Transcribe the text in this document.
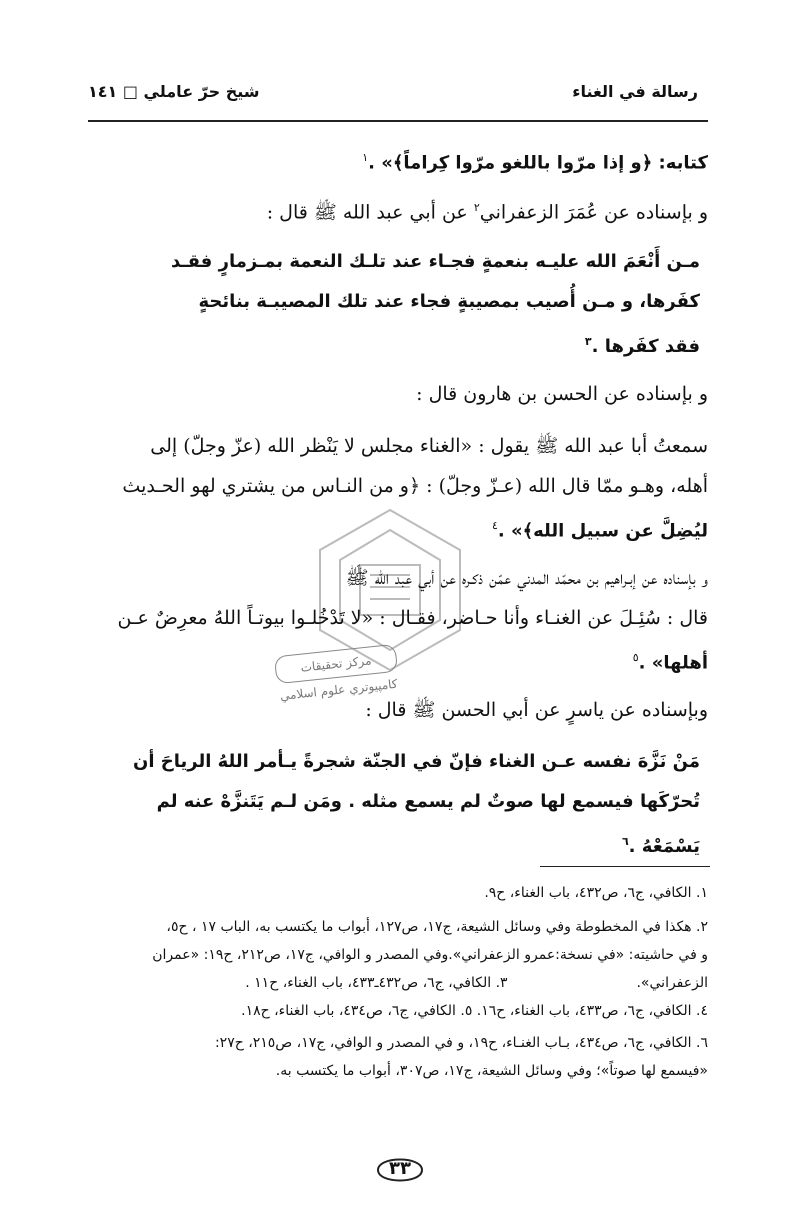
رسالة في الغناء
شيخ حرّ عاملي □ ١٤١
مركز تحقيقات كامپيوتري علوم اسلامي
كتابه: ﴿و إذا مرّوا باللغو مرّوا كِراماً﴾» .$^١$
و بإسناده عن عُمَرَ الزعفراني$^٢$ عن أبي عبد الله ﷺ قال :
مـن أَنْعَمَ الله عليـه بنعمةٍ فجـاء عند تلـك النعمة بمـزمارٍ فقـد
كفَرها، و مـن أُصيب بمصيبةٍ فجاء عند تلك المصيبـة بنائحةٍ
فقد كفَرها .$^٣$
و بإسناده عن الحسن بن هارون قال :
سمعتُ أبا عبد الله ﷺ يقول : «الغناء مجلس لا يَنْظر الله (عزّ وجلّ) إلى
أهله، وهـو ممّا قال الله (عـزّ وجلّ) : ﴿و من النـاس من يشتري لهو الحـديث
ليُضِلَّ عن سبيل الله﴾» .$^٤$
و بإسناده عن إبـراهيم بن محمّد المدني عمّن ذكـره عن أبي عبد الله ﷺ
قال : سُئِـلَ عن الغنـاء وأنا حـاضر، فقـال : «لا تَدْخُلـوا بيوتـاً اللهُ معرِضٌ عـن
أهلها» .$^٥$
وبإسناده عن ياسرٍ عن أبي الحسن ﷺ قال :
مَنْ نَزَّهَ نفسه عـن الغناء فإنّ في الجنّة شجرةً يـأمر اللهُ الرياحَ أن
تُحرّكَها فيسمع لها صوتٌ لم يسمع مثله . ومَن لـم يَتَنزَّهْ عنه لم
يَسْمَعْهُ .$^٦$
١. الكافي، ج٦، ص٤٣٢، باب الغناء، ح٩.
٢. هكذا في المخطوطة وفي وسائل الشيعة، ج١٧، ص١٢٧، أبواب ما يكتسب به، الباب ١٧ ، ح٥،
و في حاشيته: «في نسخة:عمرو الزعفراني».وفي المصدر و الوافي، ج١٧، ص٢١٢، ح١٩: «عمران
الزعفراني».  ٣. الكافي، ج٦، ص٤٣٢ـ٤٣٣، باب الغناء، ح١١ .
٤. الكافي، ج٦، ص٤٣٣، باب الغناء، ح١٦. ٥. الكافي، ج٦، ص٤٣٤، باب الغناء، ح١٨.
٦. الكافي، ج٦، ص٤٣٤، بـاب الغنـاء، ح١٩، و في المصدر و الوافي، ج١٧، ص٢١٥، ح٢٧:
«فيسمع لها صوتاً»؛ وفي وسائل الشيعة، ج١٧، ص٣٠٧، أبواب ما يكتسب به.
٣٣
